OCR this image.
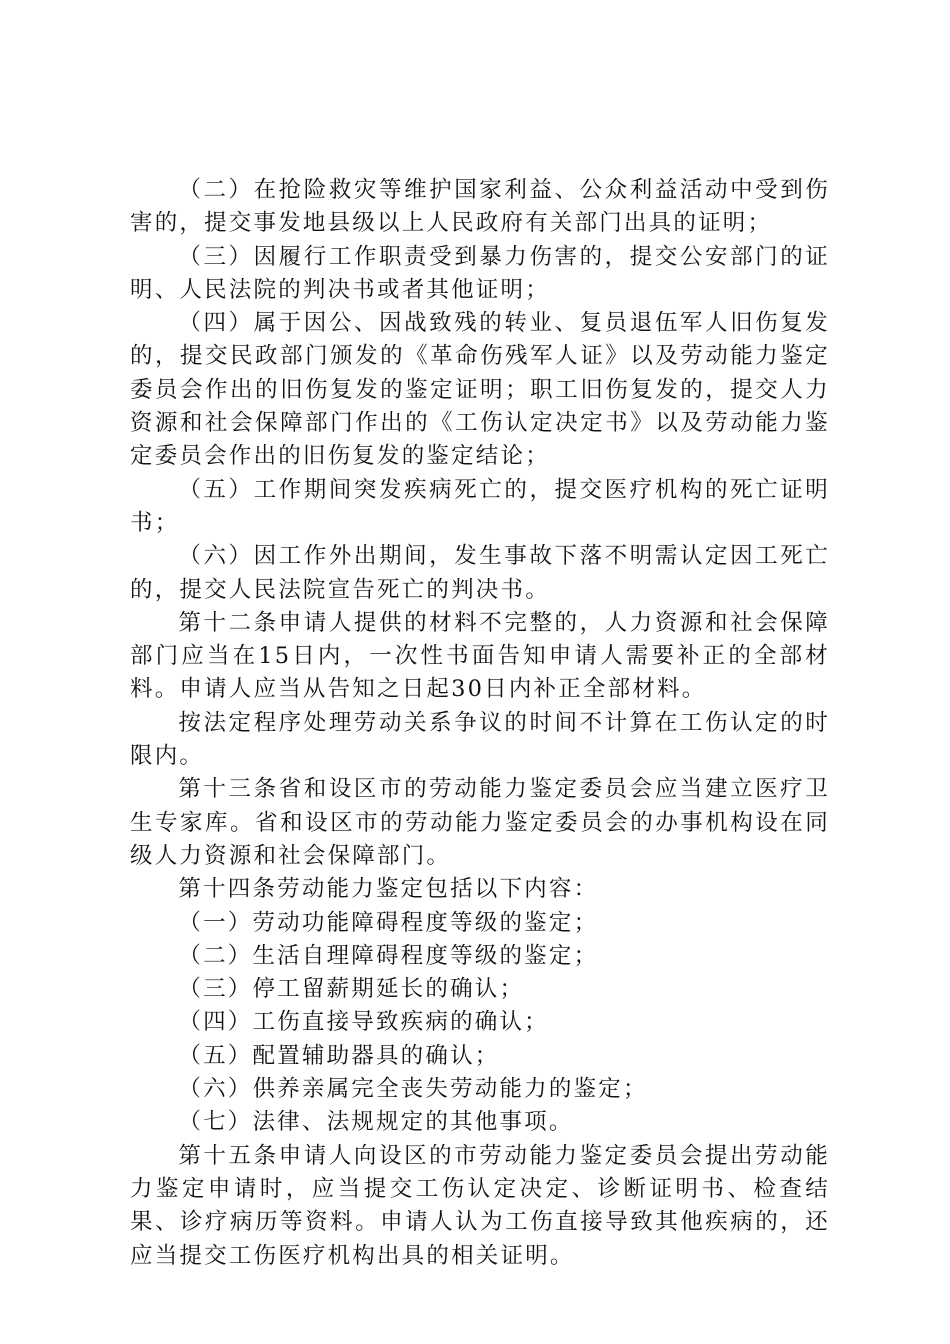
（二）在抢险救灾等维护国家利益、公众利益活动中受到伤害的，提交事发地县级以上人民政府有关部门出具的证明；

（三）因履行工作职责受到暴力伤害的，提交公安部门的证明、人民法院的判决书或者其他证明；

（四）属于因公、因战致残的转业、复员退伍军人旧伤复发的，提交民政部门颁发的《革命伤残军人证》以及劳动能力鉴定委员会作出的旧伤复发的鉴定证明；职工旧伤复发的，提交人力资源和社会保障部门作出的《工伤认定决定书》以及劳动能力鉴定委员会作出的旧伤复发的鉴定结论；

（五）工作期间突发疾病死亡的，提交医疗机构的死亡证明书；

（六）因工作外出期间，发生事故下落不明需认定因工死亡的，提交人民法院宣告死亡的判决书。

第十二条申请人提供的材料不完整的，人力资源和社会保障部门应当在15日内，一次性书面告知申请人需要补正的全部材料。申请人应当从告知之日起30日内补正全部材料。

按法定程序处理劳动关系争议的时间不计算在工伤认定的时限内。

第十三条省和设区市的劳动能力鉴定委员会应当建立医疗卫生专家库。省和设区市的劳动能力鉴定委员会的办事机构设在同级人力资源和社会保障部门。

第十四条劳动能力鉴定包括以下内容：

（一）劳动功能障碍程度等级的鉴定；

（二）生活自理障碍程度等级的鉴定；

（三）停工留薪期延长的确认；

（四）工伤直接导致疾病的确认；

（五）配置辅助器具的确认；

（六）供养亲属完全丧失劳动能力的鉴定；

（七）法律、法规规定的其他事项。

第十五条申请人向设区的市劳动能力鉴定委员会提出劳动能力鉴定申请时，应当提交工伤认定决定、诊断证明书、检查结果、诊疗病历等资料。申请人认为工伤直接导致其他疾病的，还应当提交工伤医疗机构出具的相关证明。
